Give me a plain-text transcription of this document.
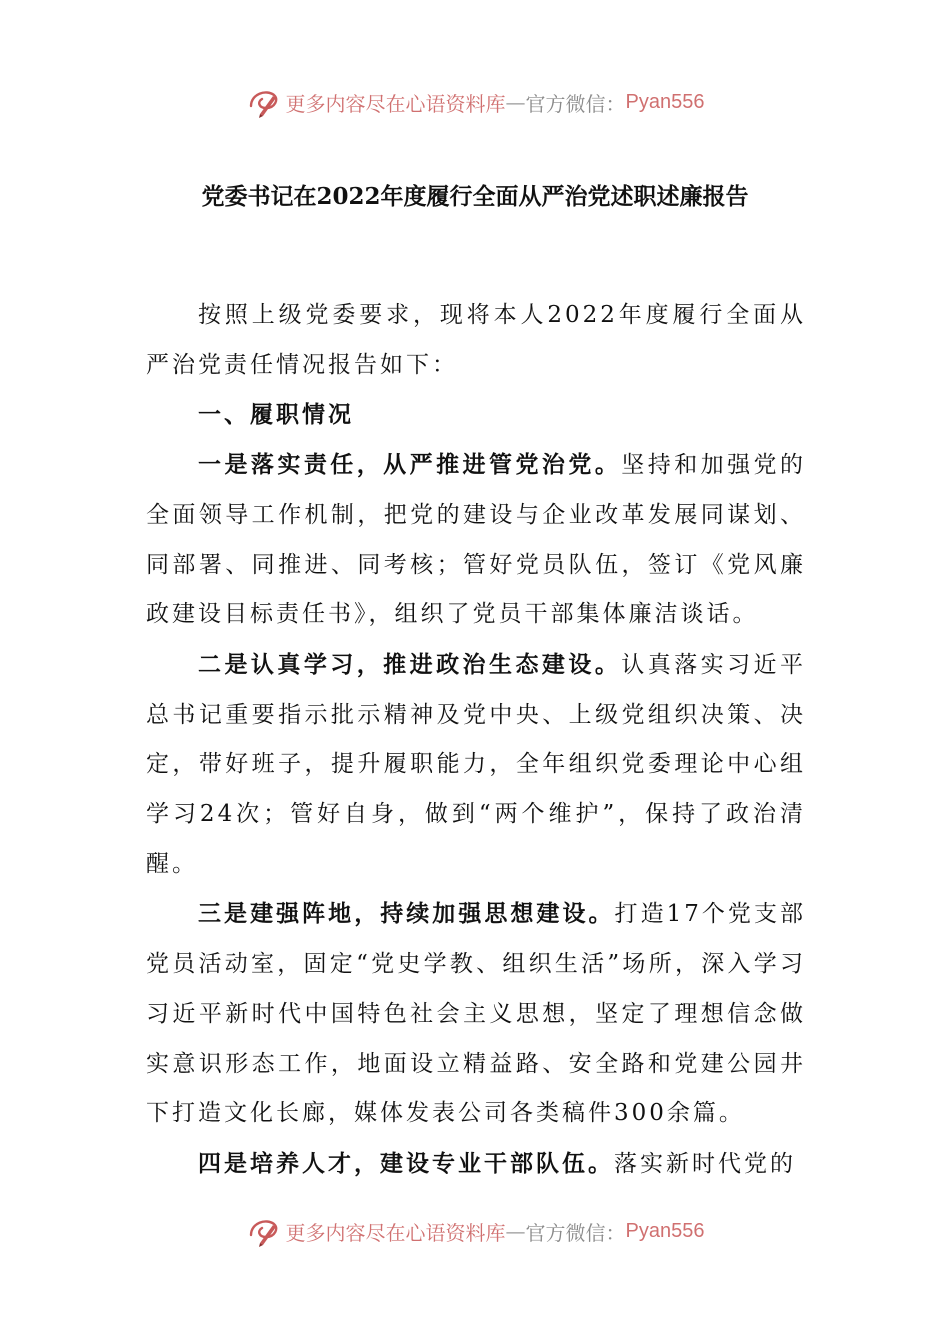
更多内容尽在心语资料库 — 官方微信： Pyan556
党委书记在2022年度履行全面从严治党述职述廉报告

按照上级党委要求，现将本人2022年度履行全面从严治党责任情况报告如下：

一、履职情况

一是落实责任，从严推进管党治党。坚持和加强党的全面领导工作机制，把党的建设与企业改革发展同谋划、同部署、同推进、同考核；管好党员队伍，签订《党风廉政建设目标责任书》，组织了党员干部集体廉洁谈话。

二是认真学习，推进政治生态建设。认真落实习近平总书记重要指示批示精神及党中央、上级党组织决策、决定，带好班子，提升履职能力，全年组织党委理论中心组学习24次；管好自身，做到“两个维护”，保持了政治清醒。

三是建强阵地，持续加强思想建设。打造17个党支部党员活动室，固定“党史学教、组织生活”场所，深入学习习近平新时代中国特色社会主义思想，坚定了理想信念做实意识形态工作，地面设立精益路、安全路和党建公园井下打造文化长廊，媒体发表公司各类稿件300余篇。

四是培养人才，建设专业干部队伍。落实新时代党的

更多内容尽在心语资料库 — 官方微信： Pyan556
